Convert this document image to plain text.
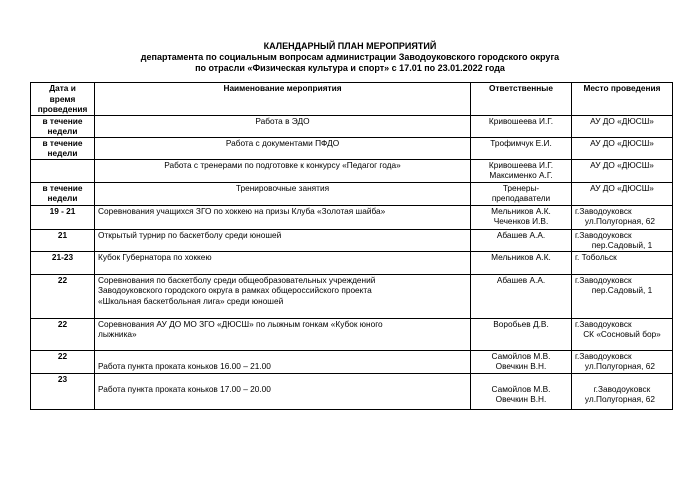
КАЛЕНДАРНЫЙ ПЛАН МЕРОПРИЯТИЙ
департамента по социальным вопросам администрации Заводоуковского городского округа
по отрасли «Физическая культура и спорт» с 17.01 по 23.01.2022 года
Дата и
время
проведения	Наименование мероприятия	Ответственные	Место проведения

в течение
недели	Работа в ЭДО	Кривошеева И.Г.	АУ ДО «ДЮСШ»

в течение
недели	Работа с документами ПФДО	Трофимчук Е.И.	АУ ДО «ДЮСШ»

	Работа с тренерами по подготовке к конкурсу «Педагог года»	Кривошеева И.Г.
Максименко А.Г.	АУ ДО «ДЮСШ»

в течение
недели	Тренировочные занятия	Тренеры-
преподаватели	АУ ДО «ДЮСШ»

19 - 21	Соревнования учащихся ЗГО по хоккею на призы Клуба «Золотая шайба»	Мельников А.К.
Чеченков И.В.	г.Заводоуковск
ул.Полугорная, 62

21	Открытый турнир по баскетболу среди юношей	Абашев А.А.	г.Заводоуковск
пер.Садовый, 1

21-23	Кубок Губернатора по хоккею	Мельников А.К.	г. Тобольск

22	Соревнования по баскетболу среди общеобразовательных учреждений
Заводоуковского городского округа в рамках общероссийского проекта
«Школьная баскетбольная лига» среди юношей	Абашев А.А.	г.Заводоуковск
пер.Садовый, 1

22	Соревнования АУ ДО МО ЗГО «ДЮСШ» по лыжным гонкам «Кубок юного
лыжника»	Воробьев Д.В.	г.Заводоуковск
СК «Сосновый бор»

22	Работа пункта проката коньков 16.00 – 21.00	Самойлов М.В.
Овечкин В.Н.	г.Заводоуковск
ул.Полугорная, 62

23	Работа пункта проката коньков 17.00 – 20.00	Самойлов М.В.
Овечкин В.Н.	г.Заводоуковск
ул.Полугорная, 62
